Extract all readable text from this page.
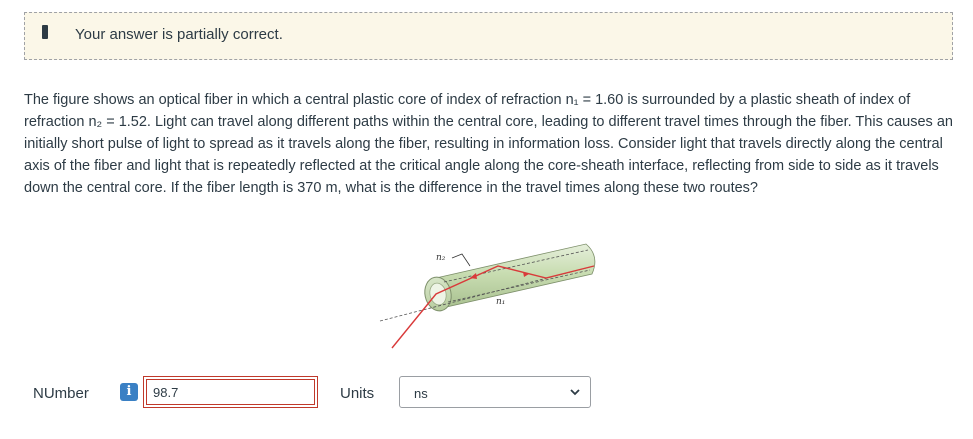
Your answer is partially correct.
The figure shows an optical fiber in which a central plastic core of index of refraction n₁ = 1.60 is surrounded by a plastic sheath of index of refraction n₂ = 1.52. Light can travel along different paths within the central core, leading to different travel times through the fiber. This causes an initially short pulse of light to spread as it travels along the fiber, resulting in information loss. Consider light that travels directly along the central axis of the fiber and light that is repeatedly reflected at the critical angle along the core-sheath interface, reflecting from side to side as it travels down the central core. If the fiber length is 370 m, what is the difference in the travel times along these two routes?
n₂
n₁
NUmber	i
98.7	Units	ns
